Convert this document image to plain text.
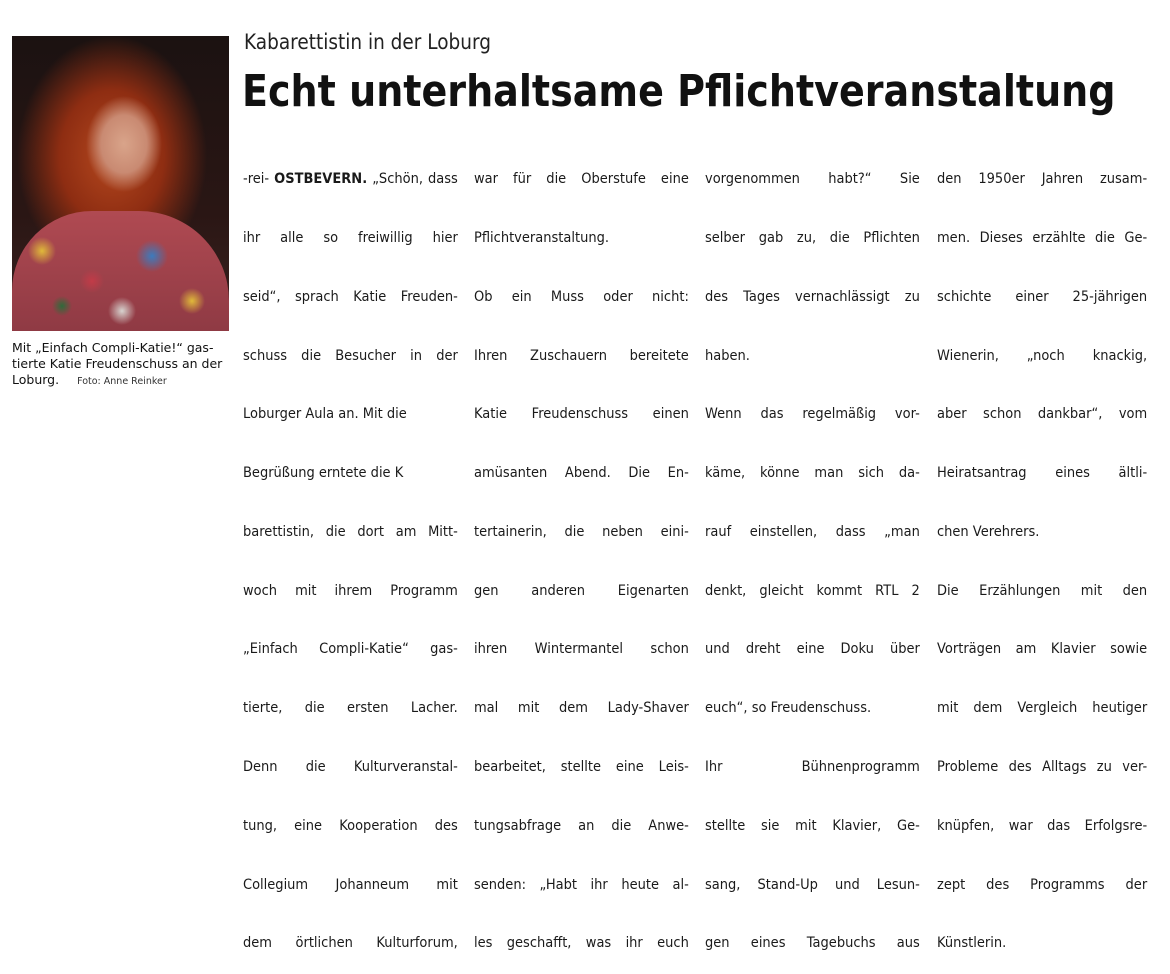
Mit „Einfach Compli-Katie!“ gas-
tierte Katie Freudenschuss an der
Loburg. Foto: Anne Reinker
Kabarettistin in der Loburg
Echt unterhaltsame Pflichtveranstaltung

-rei- OSTBEVERN. „Schön, dass

ihr alle so freiwillig hier

seid“, sprach Katie Freuden-

schuss die Besucher in der

Loburger Aula an. Mit die

Begrüßung erntete die K

barettistin, die dort am Mitt-

woch mit ihrem Programm

„Einfach Compli-Katie“ gas-

tierte, die ersten Lacher.

Denn die Kulturveranstal-

tung, eine Kooperation des

Collegium Johanneum mit

dem örtlichen Kulturforum,

war für die Oberstufe eine

Pflichtveranstaltung.

Ob ein Muss oder nicht:

Ihren Zuschauern bereitete

Katie Freudenschuss einen

amüsanten Abend. Die En-

tertainerin, die neben eini-

gen anderen Eigenarten

ihren Wintermantel schon

mal mit dem Lady-Shaver

bearbeitet, stellte eine Leis-

tungsabfrage an die Anwe-

senden: „Habt ihr heute al-

les geschafft, was ihr euch

vorgenommen habt?“ Sie

selber gab zu, die Pflichten

des Tages vernachlässigt zu

haben.

Wenn das regelmäßig vor-

käme, könne man sich da-

rauf einstellen, dass „man

denkt, gleicht kommt RTL 2

und dreht eine Doku über

euch“, so Freudenschuss.

Ihr Bühnenprogramm

stellte sie mit Klavier, Ge-

sang, Stand-Up und Lesun-

gen eines Tagebuchs aus

den 1950er Jahren zusam-

men. Dieses erzählte die Ge-

schichte einer 25-jährigen

Wienerin, „noch knackig,

aber schon dankbar“, vom

Heiratsantrag eines ältli-

chen Verehrers.

Die Erzählungen mit den

Vorträgen am Klavier sowie

mit dem Vergleich heutiger

Probleme des Alltags zu ver-

knüpfen, war das Erfolgsre-

zept des Programms der

Künstlerin.
